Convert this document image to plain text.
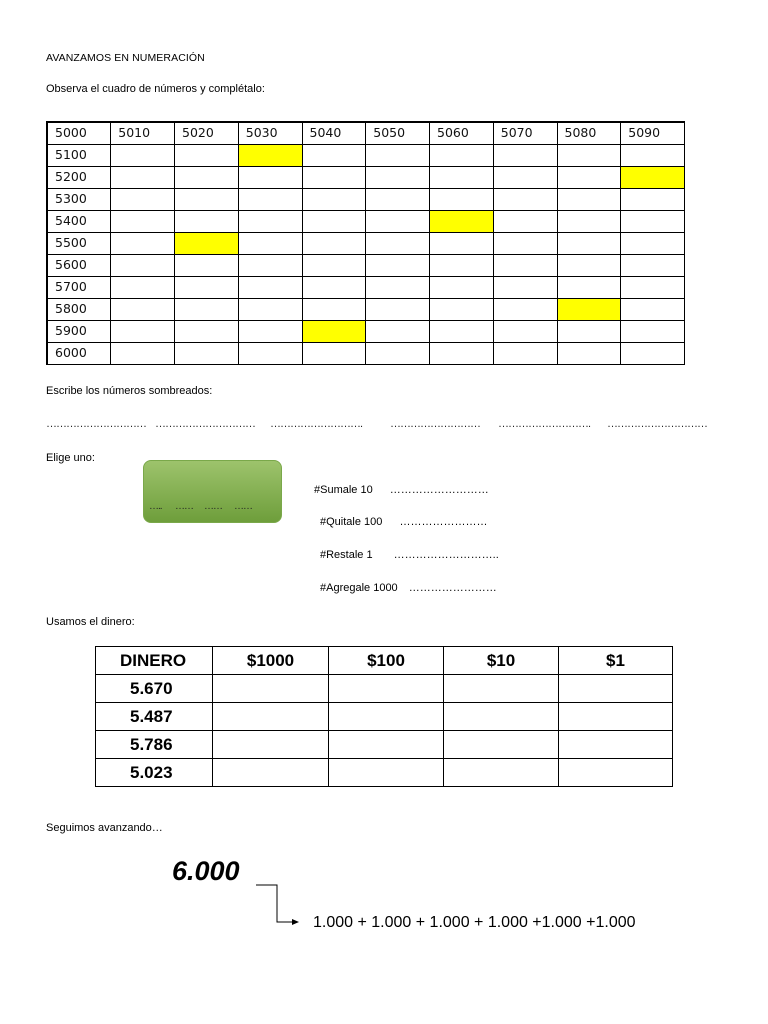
AVANZAMOS EN NUMERACIÓN
Observa el cuadro de números y complétalo:
5000	5010	5020	5030	5040	5050	5060	5070	5080	5090
5100									
5200									
5300									
5400									
5500									
5600									
5700									
5800									
5900									
6000									
Escribe los números sombreados:
………………………… ………………………… ……………………….	……………………… ………………………. …………………………
Elige uno:
….. …… …… ……
#Sumale 10 ………………………
#Quitale 100 ……………………
#Restale 1 ………………………..
#Agregale 1000 ……………………
Usamos el dinero:
DINERO	$1000	$100	$10	$1
5.670				
5.487				
5.786				
5.023				
Seguimos avanzando…
6.000
1.000 + 1.000 + 1.000 + 1.000 +1.000 +1.000
